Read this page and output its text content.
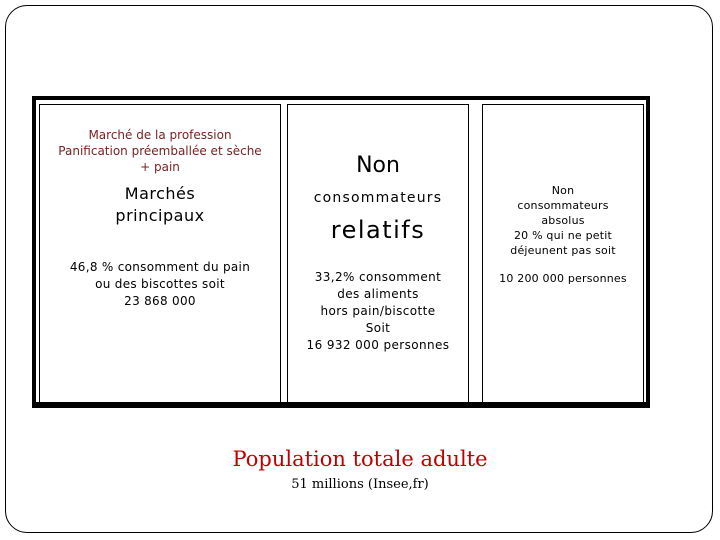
Marché de la profession
Panification préemballée et sèche
+ pain
Marchés
principaux
46,8 % consomment du pain
ou des biscottes soit
23 868 000
Non
consommateurs
relatifs
33,2% consomment
des aliments
hors pain/biscotte
Soit
16 932 000 personnes
Non
consommateurs
absolus
20 % qui ne petit
déjeunent pas soit
10 200 000 personnes
Population totale adulte
51 millions (Insee,fr)
